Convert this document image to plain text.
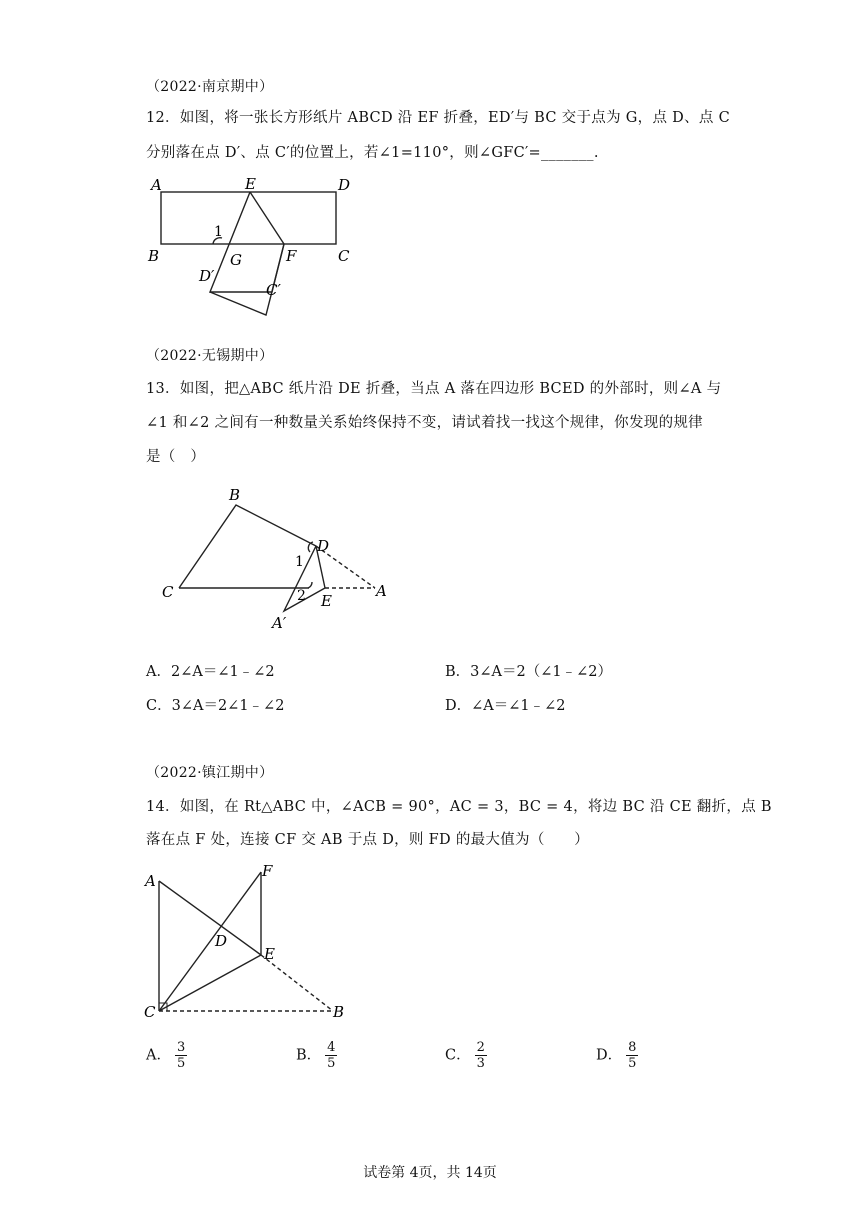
（2022·南京期中）
12．如图，将一张长方形纸片 ABCD 沿 EF 折叠，ED′与 BC 交于点为 G，点 D、点 C
分别落在点 D′、点 C′的位置上，若∠1=110°，则∠GFC′=_______.
A	E	D
B	F	C
G
D′
C′
1
（2022·无锡期中）
13．如图，把△ABC 纸片沿 DE 折叠，当点 A 落在四边形 BCED 的外部时，则∠A 与
∠1 和∠2 之间有一种数量关系始终保持不变，请试着找一找这个规律，你发现的规律
是（　）
B
D
C	E
A
A′
1
2
A．2∠A＝∠1﹣∠2	B．3∠A＝2（∠1﹣∠2）
C．3∠A＝2∠1﹣∠2	D．∠A＝∠1﹣∠2
（2022·镇江期中）
14．如图，在 Rt△ABC 中，∠ACB = 90°，AC = 3，BC = 4，将边 BC 沿 CE 翻折，点 B
落在点 F 处，连接 CF 交 AB 于点 D，则 FD 的最大值为（　　）
A
F
D
E
C	B
A． $\frac{3}{5}$	B． $\frac{4}{5}$	C． $\frac{2}{3}$	D． $\frac{8}{5}$
试卷第 4页，共 14页
